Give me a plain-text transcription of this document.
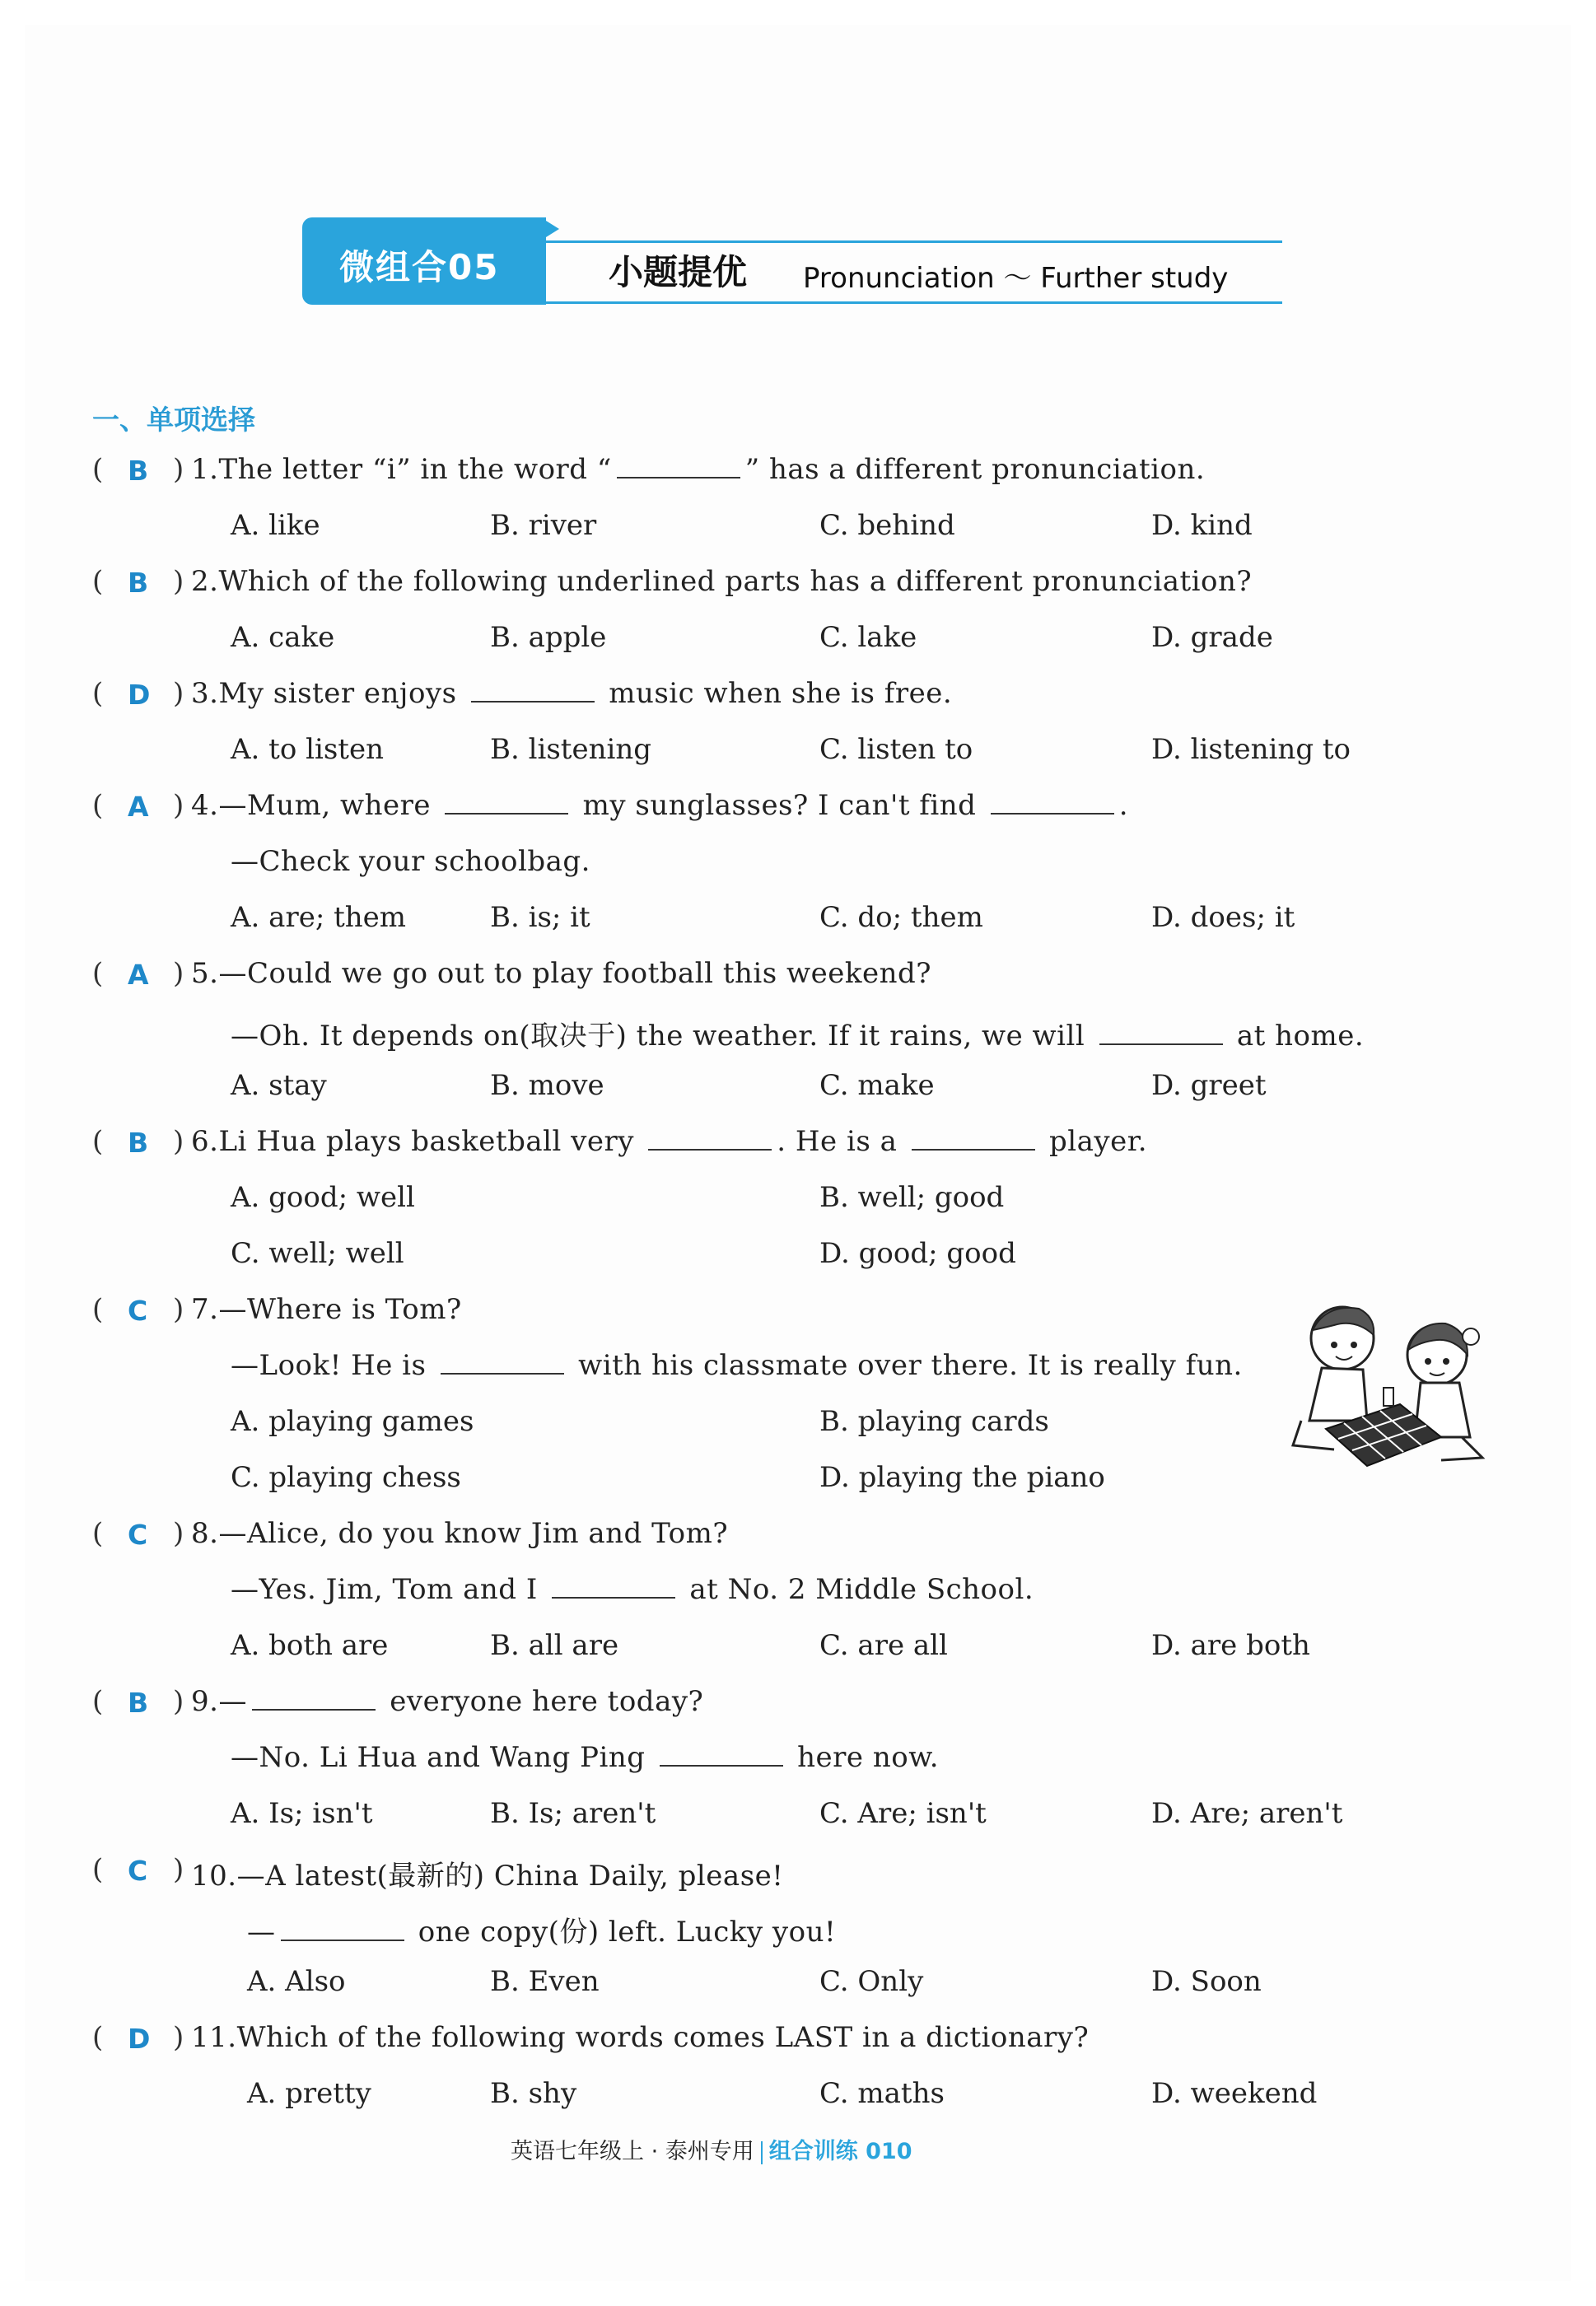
微组合05	小题提优 Pronunciation ～ Further study
一、单项选择
( B ) 1.The letter “i” in the word “	” has a different pronunciation.
A. like	B. river	C. behind	D. kind
( B ) 2.Which of the following underlined parts has a different pronunciation?
A. cake	B. apple	C. lake	D. grade
( D ) 3.My sister enjoys	music when she is free.
A. to listen	B. listening	C. listen to	D. listening to
( A ) 4.—Mum, where	my sunglasses? I can't find	.
—Check your schoolbag.
A. are; them	B. is; it	C. do; them	D. does; it
( A ) 5.—Could we go out to play football this weekend?
—Oh. It depends on(取决于) the weather. If it rains, we will	at home.
A. stay	B. move	C. make	D. greet
( B ) 6.Li Hua plays basketball very	. He is a	player.
A. good; well	B. well; good
C. well; well	D. good; good
( C ) 7.—Where is Tom?
—Look! He is	with his classmate over there. It is really fun.
A. playing games	B. playing cards
C. playing chess	D. playing the piano
( C ) 8.—Alice, do you know Jim and Tom?
—Yes. Jim, Tom and I	at No. 2 Middle School.
A. both are	B. all are	C. are all	D. are both
( B ) 9.—	everyone here today?
—No. Li Hua and Wang Ping	here now.
A. Is; isn't	B. Is; aren't	C. Are; isn't	D. Are; aren't
( C ) 10.—A latest(最新的) China Daily, please!
—	one copy(份) left. Lucky you!
A. Also	B. Even	C. Only	D. Soon
( D ) 11.Which of the following words comes LAST in a dictionary?
A. pretty	B. shy	C. maths	D. weekend
英语七年级上 · 泰州专用 组合训练 010
